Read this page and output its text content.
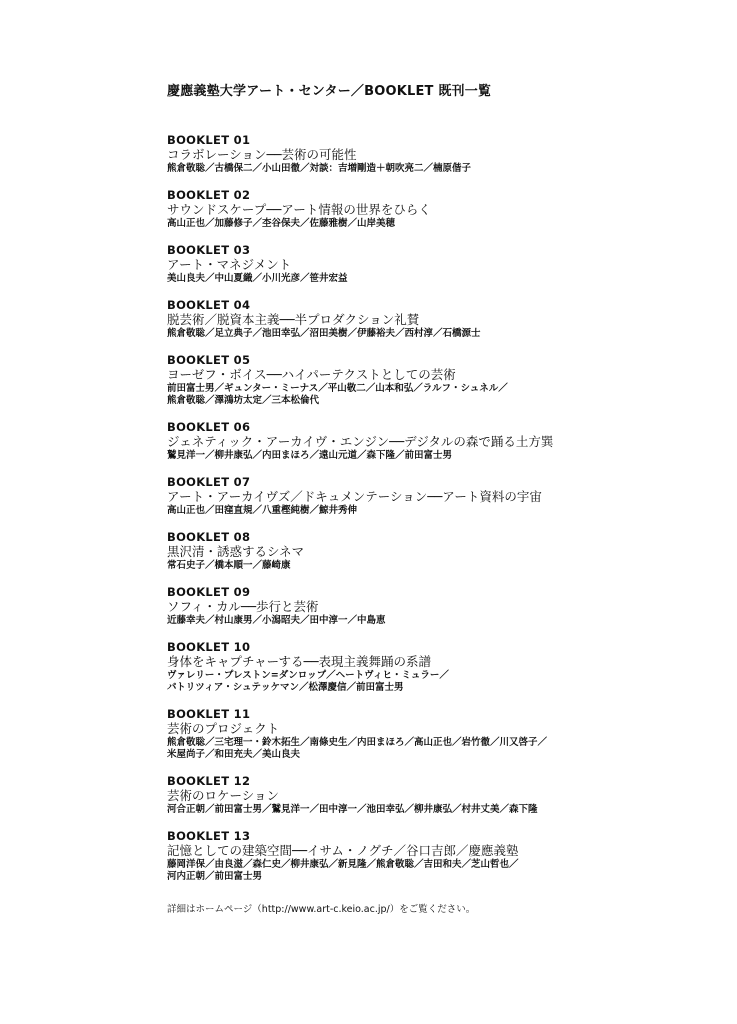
慶應義塾大学アート・センター／BOOKLET 既刊一覧
BOOKLET 01
コラボレーション──芸術の可能性
熊倉敬聡／古橋保二／小山田徹／対談：吉増剛造＋朝吹亮二／楠原偕子
BOOKLET 02
サウンドスケープ──アート情報の世界をひらく
高山正也／加藤修子／杢谷保夫／佐藤雅樹／山岸美穂
BOOKLET 03
アート・マネジメント
美山良夫／中山夏織／小川光彦／笹井宏益
BOOKLET 04
脱芸術／脱資本主義──半プロダクション礼賛
熊倉敬聡／足立典子／池田幸弘／沼田美樹／伊藤裕夫／西村淳／石橋源士
BOOKLET 05
ヨーゼフ・ボイス──ハイパーテクストとしての芸術
前田富士男／ギュンター・ミーナス／平山敬二／山本和弘／ラルフ・シュネル／
熊倉敬聡／澤鴻坊太定／三本松倫代
BOOKLET 06
ジェネティック・アーカイヴ・エンジン──デジタルの森で踊る土方巽
鷲見洋一／柳井康弘／内田まほろ／遠山元道／森下隆／前田富士男
BOOKLET 07
アート・アーカイヴズ／ドキュメンテーション──アート資料の宇宙
高山正也／田窪直規／八重樫純樹／鯨井秀伸
BOOKLET 08
黒沢清・誘惑するシネマ
常石史子／橋本順一／藤崎康
BOOKLET 09
ソフィ・カル──歩行と芸術
近藤幸夫／村山康男／小潟昭夫／田中淳一／中島恵
BOOKLET 10
身体をキャプチャーする──表現主義舞踊の系譜
ヴァレリー・プレストン=ダンロップ／ヘートヴィヒ・ミュラー／
パトリツィア・シュテッケマン／松澤慶信／前田富士男
BOOKLET 11
芸術のプロジェクト
熊倉敬聡／三宅理一・鈴木拓生／南條史生／内田まほろ／高山正也／岩竹徹／川又啓子／
米屋尚子／和田充夫／美山良夫
BOOKLET 12
芸術のロケーション
河合正朝／前田富士男／鷲見洋一／田中淳一／池田幸弘／柳井康弘／村井丈美／森下隆
BOOKLET 13
記憶としての建築空間──イサム・ノグチ／谷口吉郎／慶應義塾
藤岡洋保／由良滋／森仁史／柳井康弘／新見隆／熊倉敬聡／吉田和夫／芝山哲也／
河内正朝／前田富士男
詳細はホームページ（http://www.art-c.keio.ac.jp/）をご覧ください。
